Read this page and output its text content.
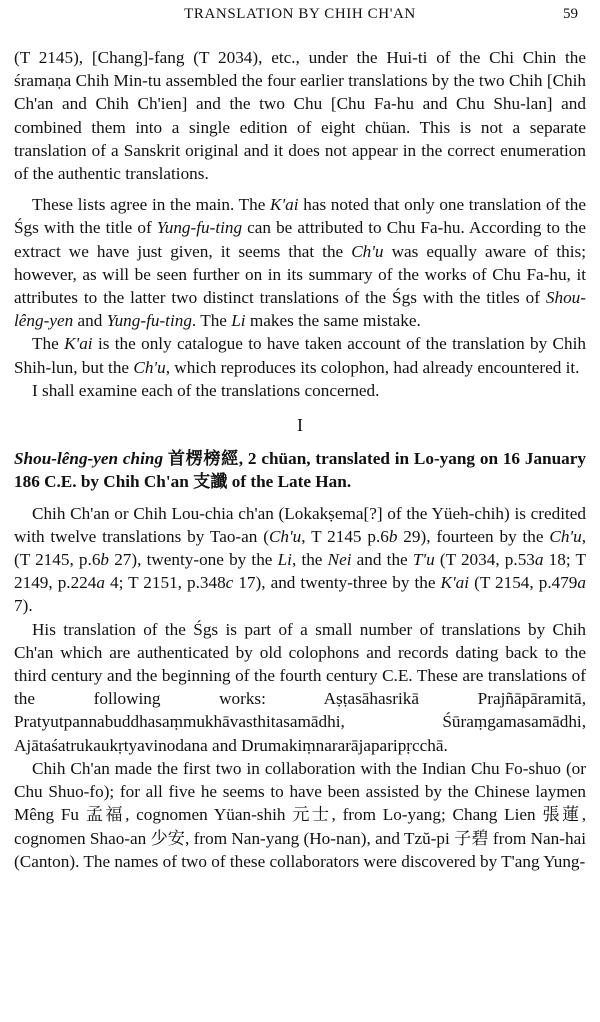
TRANSLATION BY CHIH CH'AN	59

(T 2145), [Chang]-fang (T 2034), etc., under the Hui-ti of the Chi Chin the śramaṇa Chih Min-tu assembled the four earlier translations by the two Chih [Chih Ch'an and Chih Ch'ien] and the two Chu [Chu Fa-hu and Chu Shu-lan] and combined them into a single edition of eight chüan. This is not a separate translation of a Sanskrit original and it does not appear in the correct enumeration of the authentic translations.

These lists agree in the main. The K'ai has noted that only one translation of the Śgs with the title of Yung-fu-ting can be attributed to Chu Fa-hu. According to the extract we have just given, it seems that the Ch'u was equally aware of this; however, as will be seen further on in its summary of the works of Chu Fa-hu, it attributes to the latter two distinct translations of the Śgs with the titles of Shou-lêng-yen and Yung-fu-ting. The Li makes the same mistake.

The K'ai is the only catalogue to have taken account of the translation by Chih Shih-lun, but the Ch'u, which reproduces its colophon, had already encountered it.

I shall examine each of the translations concerned.

I

Shou-lêng-yen ching 首楞榜經, 2 chüan, translated in Lo-yang on 16 January 186 C.E. by Chih Ch'an 支讖 of the Late Han.

Chih Ch'an or Chih Lou-chia ch'an (Lokakṣema[?] of the Yüeh-chih) is credited with twelve translations by Tao-an (Ch'u, T 2145 p.6b 29), fourteen by the Ch'u, (T 2145, p.6b 27), twenty-one by the Li, the Nei and the T'u (T 2034, p.53a 18; T 2149, p.224a 4; T 2151, p.348c 17), and twenty-three by the K'ai (T 2154, p.479a 7).

His translation of the Śgs is part of a small number of translations by Chih Ch'an which are authenticated by old colophons and records dating back to the third century and the beginning of the fourth century C.E. These are translations of the following works: Aṣṭasāhasrikā Prajñāpāramitā, Pratyutpannabuddhasaṃmukhāvasthitasamādhi, Śūraṃgamasamādhi, Ajātaśatrukaukṛtyavinodana and Drumakiṃnararājaparipṛcchā.

Chih Ch'an made the first two in collaboration with the Indian Chu Fo-shuo (or Chu Shuo-fo); for all five he seems to have been assisted by the Chinese laymen Mêng Fu 孟福, cognomen Yüan-shih 元士, from Lo-yang; Chang Lien 張蓮, cognomen Shao-an 少安, from Nan-yang (Ho-nan), and Tzŭ-pi 子碧 from Nan-hai (Canton). The names of two of these collaborators were discovered by T'ang Yung-
